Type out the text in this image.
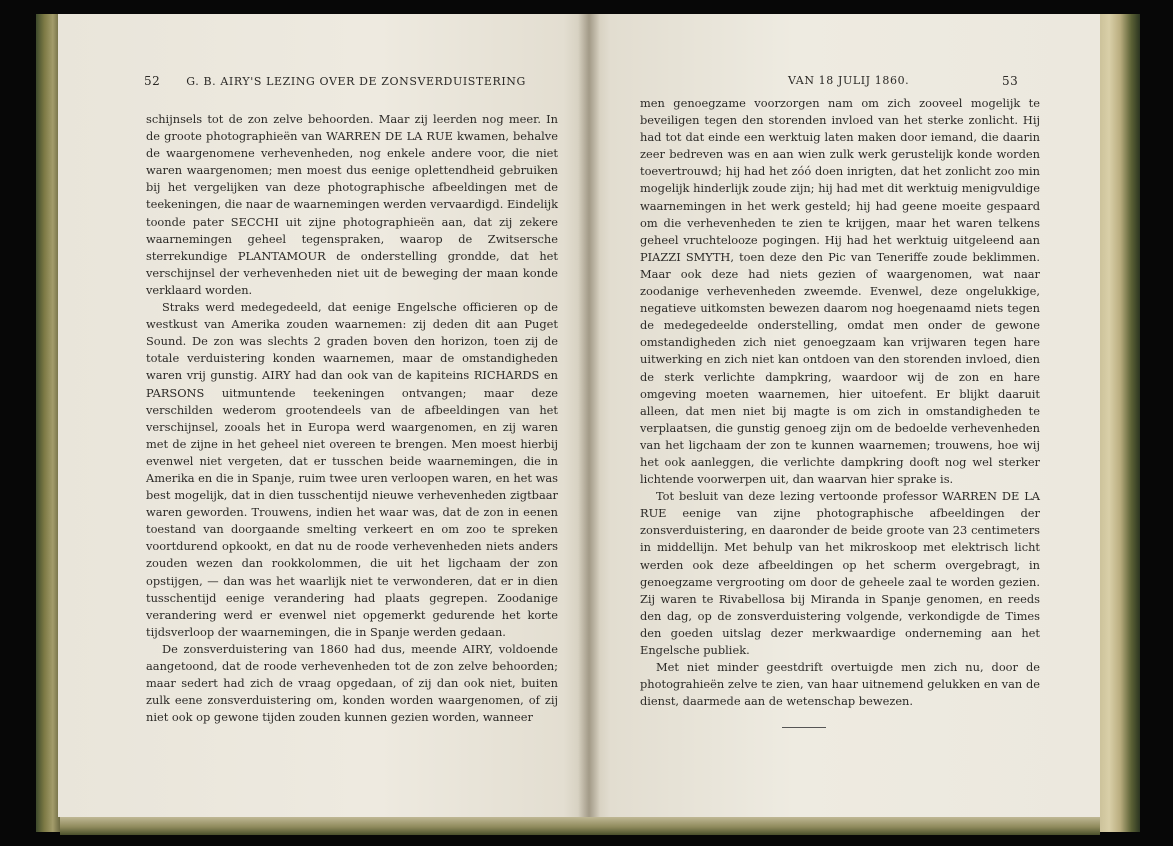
52 G. B. AIRY'S LEZING OVER DE ZONSVERDUISTERING

schijnsels tot de zon zelve behoorden. Maar zij leerden nog meer. In de groote photographieën van WARREN DE LA RUE kwamen, behalve de waargenomene verhevenheden, nog enkele andere voor, die niet waren waargenomen; men moest dus eenige oplettendheid gebruiken bij het vergelijken van deze photographische afbeeldingen met de teekeningen, die naar de waarnemingen werden vervaardigd. Eindelijk toonde pater SECCHI uit zijne photographieën aan, dat zij zekere waarnemingen geheel tegenspraken, waarop de Zwitsersche sterrekundige PLANTAMOUR de onderstelling grondde, dat het verschijnsel der verhevenheden niet uit de beweging der maan konde verklaard worden.

Straks werd medegedeeld, dat eenige Engelsche officieren op de westkust van Amerika zouden waarnemen: zij deden dit aan Puget Sound. De zon was slechts 2 graden boven den horizon, toen zij de totale verduistering konden waarnemen, maar de omstandigheden waren vrij gunstig. AIRY had dan ook van de kapiteins RICHARDS en PARSONS uitmuntende teekeningen ontvangen; maar deze verschilden wederom grootendeels van de afbeeldingen van het verschijnsel, zooals het in Europa werd waargenomen, en zij waren met de zijne in het geheel niet overeen te brengen. Men moest hierbij evenwel niet vergeten, dat er tusschen beide waarnemingen, die in Amerika en die in Spanje, ruim twee uren verloopen waren, en het was best mogelijk, dat in dien tusschentijd nieuwe verhevenheden zigtbaar waren geworden. Trouwens, indien het waar was, dat de zon in eenen toestand van doorgaande smelting verkeert en om zoo te spreken voortdurend opkookt, en dat nu de roode verhevenheden niets anders zouden wezen dan rookkolommen, die uit het ligchaam der zon opstijgen, — dan was het waarlijk niet te verwonderen, dat er in dien tusschentijd eenige verandering had plaats gegrepen. Zoodanige verandering werd er evenwel niet opgemerkt gedurende het korte tijdsverloop der waarnemingen, die in Spanje werden gedaan.

De zonsverduistering van 1860 had dus, meende AIRY, voldoende aangetoond, dat de roode verhevenheden tot de zon zelve behoorden; maar sedert had zich de vraag opgedaan, of zij dan ook niet, buiten zulk eene zonsverduistering om, konden worden waargenomen, of zij niet ook op gewone tijden zouden kunnen gezien worden, wanneer

VAN 18 JULIJ 1860.	53

men genoegzame voorzorgen nam om zich zooveel mogelijk te beveiligen tegen den storenden invloed van het sterke zonlicht. Hij had tot dat einde een werktuig laten maken door iemand, die daarin zeer bedreven was en aan wien zulk werk gerustelijk konde worden toevertrouwd; hij had het zóó doen inrigten, dat het zonlicht zoo min mogelijk hinderlijk zoude zijn; hij had met dit werktuig menigvuldige waarnemingen in het werk gesteld; hij had geene moeite gespaard om die verhevenheden te zien te krijgen, maar het waren telkens geheel vruchtelooze pogingen. Hij had het werktuig uitgeleend aan PIAZZI SMYTH, toen deze den Pic van Teneriffe zoude beklimmen. Maar ook deze had niets gezien of waargenomen, wat naar zoodanige verhevenheden zweemde. Evenwel, deze ongelukkige, negatieve uitkomsten bewezen daarom nog hoegenaamd niets tegen de medegedeelde onderstelling, omdat men onder de gewone omstandigheden zich niet genoegzaam kan vrijwaren tegen hare uitwerking en zich niet kan ontdoen van den storenden invloed, dien de sterk verlichte dampkring, waardoor wij de zon en hare omgeving moeten waarnemen, hier uitoefent. Er blijkt daaruit alleen, dat men niet bij magte is om zich in omstandigheden te verplaatsen, die gunstig genoeg zijn om de bedoelde verhevenheden van het ligchaam der zon te kunnen waarnemen; trouwens, hoe wij het ook aanleggen, die verlichte dampkring dooft nog wel sterker lichtende voorwerpen uit, dan waarvan hier sprake is.

Tot besluit van deze lezing vertoonde professor WARREN DE LA RUE eenige van zijne photographische afbeeldingen der zonsverduistering, en daaronder de beide groote van 23 centimeters in middellijn. Met behulp van het mikroskoop met elektrisch licht werden ook deze afbeeldingen op het scherm overgebragt, in genoegzame vergrooting om door de geheele zaal te worden gezien. Zij waren te Rivabellosa bij Miranda in Spanje genomen, en reeds den dag, op de zonsverduistering volgende, verkondigde de Times den goeden uitslag dezer merkwaardige onderneming aan het Engelsche publiek.

Met niet minder geestdrift overtuigde men zich nu, door de photograhieën zelve te zien, van haar uitnemend gelukken en van de dienst, daarmede aan de wetenschap bewezen.
